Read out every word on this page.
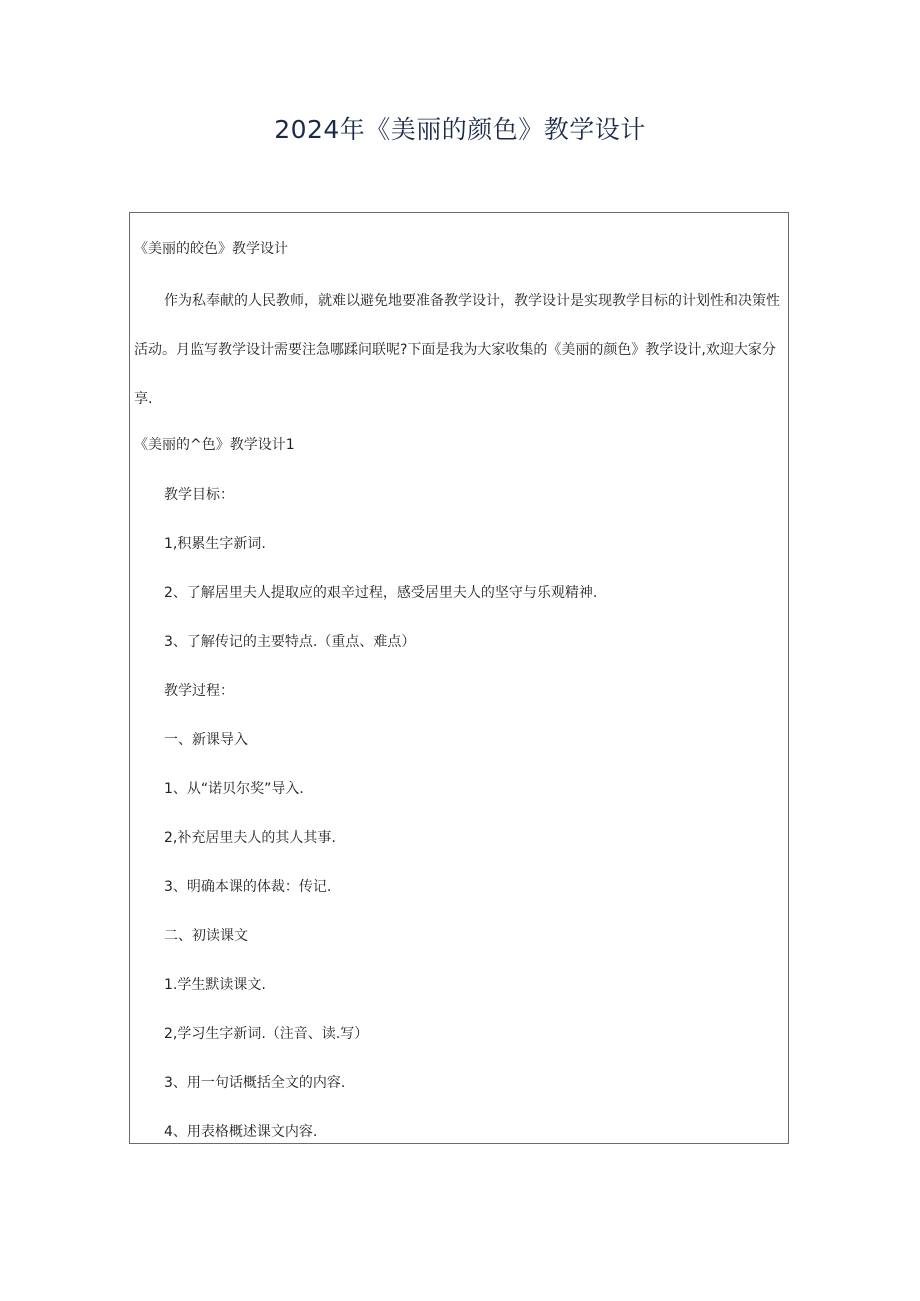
2024年《美丽的颜色》教学设计

《美丽的皎色》教学设计

作为私奉献的人民教师，就难以避免地要准备教学设计，教学设计是实现教学目标的计划性和决策性活动。月监写教学设计需要注急哪蹂问联呢?下面是我为大家收集的《美丽的颜色》教学设计,欢迎大家分享.

《美丽的^色》教学设计1

教学目标：

1,积累生字新词.

2、了解居里夫人提取应的艰辛过程，感受居里夫人的坚守与乐观精神.

3、了解传记的主要特点.（重点、难点）

教学过程：

一、新课导入

1、从“诺贝尔奖”导入.

2,补充居里夫人的其人其事.

3、明确本课的体裁：传记.

二、初读课文

1.学生默读课文.

2,学习生字新词.（注音、读.写）

3、用一句话概括全文的内容.

4、用表格概述课文内容.
